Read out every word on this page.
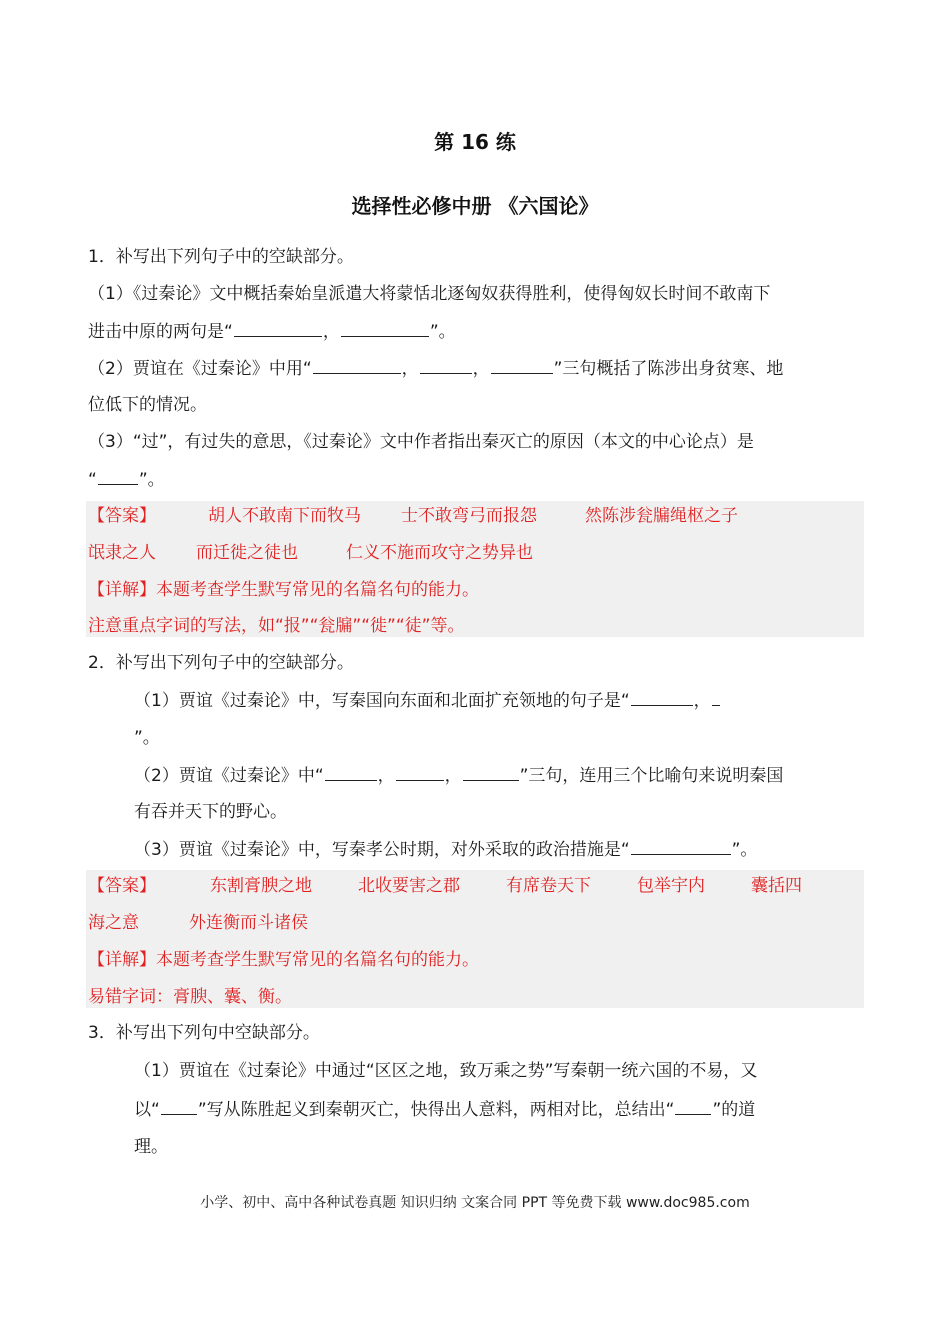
第 16 练
选择性必修中册 《六国论》
1．补写出下列句子中的空缺部分。
（1）《过秦论》文中概括秦始皇派遣大将蒙恬北逐匈奴获得胜利，使得匈奴长时间不敢南下
进击中原的两句是“	，	”。
（2）贾谊在《过秦论》中用“	，	，	”三句概括了陈涉出身贫寒、地
位低下的情况。
（3）“过”，有过失的意思，《过秦论》文中作者指出秦灭亡的原因（本文的中心论点）是
“ ”。
【答案】	胡人不敢南下而牧马 士不敢弯弓而报怨	然陈涉瓮牖绳枢之子
氓隶之人 而迁徙之徒也	仁义不施而攻守之势异也
【详解】本题考查学生默写常见的名篇名句的能力。
注意重点字词的写法，如“报”“瓮牖”“徙”“徒”等。
2．补写出下列句子中的空缺部分。
（1）贾谊《过秦论》中，写秦国向东面和北面扩充领地的句子是“	，
”。
（2）贾谊《过秦论》中“	，	，	”三句，连用三个比喻句来说明秦国
有吞并天下的野心。
（3）贾谊《过秦论》中，写秦孝公时期，对外采取的政治措施是“	”。
【答案】	东割膏腴之地	北收要害之郡	有席卷天下	包举宇内	囊括四
海之意	外连衡而斗诸侯
【详解】本题考查学生默写常见的名篇名句的能力。
易错字词：膏腴、囊、衡。
3．补写出下列句中空缺部分。
（1）贾谊在《过秦论》中通过“区区之地，致万乘之势”写秦朝一统六国的不易，又
以“ ”写从陈胜起义到秦朝灭亡，快得出人意料，两相对比，总结出“ ”的道
理。
小学、初中、高中各种试卷真题 知识归纳 文案合同 PPT 等免费下载 www.doc985.com
